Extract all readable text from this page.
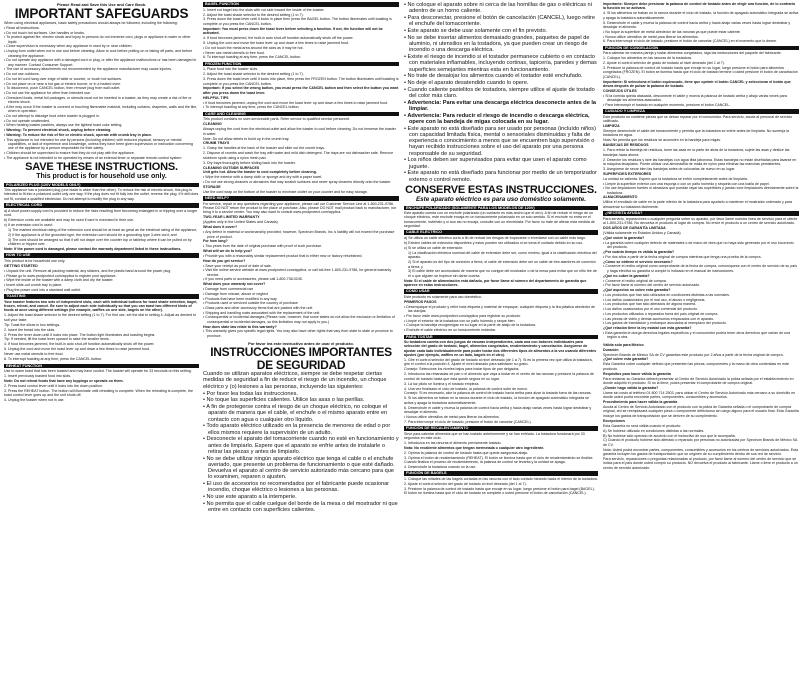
Please Read and Save this Use and Care Book.
IMPORTANT SAFEGUARDS
When using electrical appliances, basic safety precautions should always be followed, including the following:
• Read all instructions.
• Do not touch hot surfaces. Use handles or knobs.
• To protect against fire, electric shock and injury to persons do not immerse cord, plugs or appliance in water or other liquid.
• Close supervision is necessary when any appliance is used by or near children.
• Unplug from outlet when not in use and before cleaning. Allow to cool before putting on or taking off parts, and before cleaning the appliance.
• Do not operate any appliance with a damaged cord or plug, or after the appliance malfunctions or has been damaged in any manner. Contact Consumer Support.
• The use of accessory attachments not recommended by the appliance manufacturer may cause injuries.
• Do not use outdoors.
• Do not let cord hang over edge of table or counter, or touch hot surfaces.
• Do not place on or near a hot gas or electric burner, or in a heated oven.
• To disconnect, push CANCEL button, then remove plug from wall outlet.
• Do not use the appliance for other than intended use.
• Oversized foods, metal foil packages, or utensils must not be inserted in a toaster, as they may create a risk of fire or electric shock.
• A fire may occur if the toaster is covered or touching flammable material, including curtains, draperies, walls and the like, when in operation.
• Do not attempt to dislodge food when toaster is plugged in.
• Do not operate unattended.
• When heating toaster pastries, always use the lightest toast color setting.
• Warning: To prevent electrical shock, unplug before cleaning.
• Warning: To reduce the risk of fire or electric shock, operate with crumb tray in place.
• This appliance is not intended for use by persons (including children) with reduced physical, sensory or mental capabilities, or lack of experience and knowledge, unless they have been given supervision or instruction concerning use of the appliance by a person responsible for their safety.
• Children should be supervised to ensure that they do not play with the appliance.
• The appliance is not intended to be operated by means of an external timer or separate remote-control system.
SAVE THESE INSTRUCTIONS.
This product is for household use only.
POLARIZED PLUG (120V MODELS ONLY)
This appliance has a polarized plug (one blade is wider than the other). To reduce the risk of electric shock, this plug is intended to fit into a polarized outlet only one way. If the plug does not fit fully into the outlet, reverse the plug. If it still does not fit, contact a qualified electrician. Do not attempt to modify the plug in any way.
ELECTRICAL CORD
a) A short power-supply cord is provided to reduce the risks resulting from becoming entangled in or tripping over a longer cord.
b) Extension cords are available and may be used if care is exercised in their use.
c) If an extension cord is used:
1) The marked electrical rating of the extension cord should be at least as great as the electrical rating of the appliance,
2) If the appliance is of the grounded type, the extension cord should be a grounding type 3-wire cord; and
3) The cord should be arranged so that it will not drape over the counter top or tabletop where it can be pulled on by children or tripped over.
Note: If the power cord is damaged, please contact the warranty department listed in these instructions.
HOW TO USE
This product is for household use only.
GETTING STARTED
• Unpack the unit. Remove all packing material, any stickers, and the plastic band around the power plug.
• Please go to www.prodprotect.com/applica to register your appliance.
• Wipe the inside of the toaster with a damp cloth and dry the toaster.
• Insert slide-out crumb tray in place.
• Plug the power cord into a standard wall outlet.
TOASTING
Your toaster features two sets of independent slots, each with individual buttons for toast shade selection, bagel, frozen, reheat, and cancel. Be sure to adjust each side individually so that you can toast two different kinds of foods at once using different settings (for example, waffles on one side, bagels on the other).
1. Adjust the toast shade selector to the desired setting (1 to 7). For first use, set the dial to setting 4. Adjust as desired to suit your taste.
Tip: Toast the slices in two settings.
2. Insert the bread into the slots.
3. Press the lever down until it locks into place. The button light illuminates and toasting begins.
Tip: If needed, lift the toast lever upward to raise the smaller items.
4. If food becomes jammed, the built-in auto shut-off function automatically shuts off the power.
5. Unplug the cord and move the toast lever up and down a few times to raise jammed food.
Never use metal utensils to free food.
6. To interrupt toasting at any time, press the CANCEL button.
REHEAT FUNCTION
Use to warm toast that has been toasted and may have cooled. The toaster will operate for 33 seconds on this setting.
1. Insert previously toasted food into slots.
Note: Do not reheat foods that have any toppings or spreads on them.
2. Press toast control lever until it locks into the down position.
3. Press the REHEAT button. The button will illuminate until reheating is complete. When the reheating is complete, the toast control lever goes up and the unit shuts off.
4. Unplug the toaster when not in use.
BAGEL FUNCTION
1. Insert cut bagel into the slots with cut side toward the inside of the toaster.
2. Adjust the toast shade selector to the desired setting (1 to 7).
3. Press down the toast lever until it locks in place then press the BAGEL button. The button illuminates until toasting is complete or you press the CANCEL button.
Important: You must press down the toast lever before selecting a function. If not, the function will not be activated.
4. If food becomes jammed, the built-in auto shut-off function automatically shuts off the power.
5. Unplug the cord and move the toast lever up and down a few times to raise jammed food.
• Do not touch the metal area around the slots as it may be hot.
• Never use metal utensils to free food.
6. To interrupt toasting at any time, press the CANCEL button.
FROZEN FUNCTION
1. Place food into the toaster slots.
2. Adjust the toast shade selector to the desired setting (1 to 7).
3. Press down the toast lever until it locks into place, then press the FROZEN button. The button illuminates until toasting is complete or you press the CANCEL button.
Important: If you select the wrong button, you must press the CANCEL button and then select the button you want after you press down the toast lever.
HELPFUL TIPS
• If food becomes jammed, unplug the cord and move the toast lever up and down a few times to raise jammed food.
• To interrupt toasting at any time, press the CANCEL button.
CARE AND CLEANING
This product contains no user-serviceable parts. Refer service to qualified service personnel.
CLEANING
Always unplug the cord from the electrical outlet and allow the toaster to cool before cleaning. Do not immerse the toaster in water.
Note: Do not allow debris to build up in the crumb tray.
CRUMB TRAYS
1. Grasp the handles at the back of the toaster and slide out the crumb trays.
2. Dispose of crumbs and wash the tray with water and mild dish detergent. The trays are not dishwasher safe. Remove stubborn spots using a nylon mesh pad.
3. Dry trays thoroughly before sliding back into the toaster.
CLEANING OUTSIDE SURFACES
Unit gets hot. Allow the toaster to cool completely before cleaning.
• Wipe the exterior with a damp cloth or sponge and dry with a paper towel.
• Do not use strong cleaners or abrasives that may scratch surfaces and never spray cleaners directly onto the toaster.
STORAGE
Use the cord wrap on the bottom of the toaster to minimize clutter on your counter and for easy storage.
NEED HELP?
For service, repair or any questions regarding your appliance, please call our Customer Service Line at 1-800-231-9786. Please DO NOT return the product to the place of purchase. Also, please DO NOT mail product back to manufacturer, nor bring it to a service center. You may also want to consult www.prodprotect.com/applica.
TWO-YEAR LIMITED WARRANTY
(Applies only in the United States and Canada)
What does it cover?
• Any defect in material or workmanship provided; however, Spectrum Brands, Inc.'s liability will not exceed the purchase price of product.
For how long?
• Two years from the date of original purchase with proof of such purchase.
What will we do to help you?
• Provide you with a reasonably similar replacement product that is either new or factory refurbished.
How do you get service?
• Save your receipt as proof of date of sale.
• Visit the online service website at www.prodprotect.com/applica, or call toll-free 1-800-231-9786, for general warranty service.
• If you need parts or accessories, please call 1-800-738-0245.
What does your warranty not cover?
• Damage from commercial use
• Damage from misuse, abuse or neglect
• Products that have been modified in any way
• Products used or serviced outside the country of purchase
• Glass parts and other accessory items that are packed with the unit
• Shipping and handling costs associated with the replacement of the unit
• Consequential or incidental damages (Please note, however, that some states do not allow the exclusion or limitation of consequential or incidental damages, so this limitation may not apply to you.)
How does state law relate to this warranty?
• This warranty gives you specific legal rights. You may also have other rights that vary from state to state or province to province.
Por favor lea este instructivo antes de usar el producto.
INSTRUCCIONES IMPORTANTES DE SEGURIDAD
Cuando se utilizan aparatos eléctricos, siempre se debe respetar ciertas medidas de seguridad a fin de reducir el riesgo de un incendio, un choque eléctrico y (o) lesiones a las personas, incluyendo las siguientes:
• Por favor lea todas las instrucciones.
• No toque las superficies calientes. Utilice las asas o las perillas.
• A fin de protegerse contra el riesgo de un choque eléctrico, no coloque el aparato de manera que el cable, el enchufe o el mismo aparato entre en contacto con agua o cualquier otro líquido.
• Todo aparato eléctrico utilizado en la presencia de menores de edad o por ellos mismos requiere la supervisión de un adulto.
• Desconecte el aparato del tomacorriente cuando no esté en funcionamiento y antes de limpiarlo. Espere que el aparato se enfríe antes de instalarle o retirar las piezas y antes de limpiarlo.
• No se debe utilizar ningún aparato eléctrico que tenga el cable o el enchufe averiado, que presente un problema de funcionamiento o que esté dañado. Devuelva el aparato al centro de servicio autorizado más cercano para que lo examinen, reparen o ajusten.
• El uso de accesorios no recomendados por el fabricante puede ocasionar incendio, choque eléctrico o lesiones a las personas.
• No use este aparato a la intemperie.
• No permita que el cable cuelgue del borde de la mesa o del mostrador ni que entre en contacto con superficies calientes.
• No coloque el aparato sobre ni cerca de las hornillas de gas o eléctricas ni adentro de un horno caliente.
• Para desconectar, presione el botón de cancelación (CANCEL), luego retire el enchufe del tomacorriente.
• Este aparato se debe usar solamente con el fin previsto.
• No se debe insertar alimentos demasiado grandes, paquetes de papel de aluminio, ni utensilios en la tostadora, ya que pueden crear un riesgo de incendio o una descarga eléctrica.
• Existe el riesgo de incendio si el tostador permanece cubierto o en contacto con materiales inflamables, incluyendo cortinas, tapicería, paredes y demas superficies semejantes mientras esta en funcionamiento.
• No trate de desalojar los alimentos cuando el tostador esté enchufado.
• No deje el aparato desatendido cuando lo opere.
• Cuando caliente pastelitos de tostadora, siempre utilice el ajuste de tostado del color más claro.
• Advertencia: Para evitar una descarga eléctrica desconecte antes de la limpiar.
• Advertencia: Para reducir el riesgo de incendio o descarga eléctrica, opere con la bandeja de migas colocada en su lugar.
• Este aparato no está diseñado para ser usado por personas (incluído niños) con capacidad limitada física, mental o sensoriales disminuidas y falta de experiencia o conocimiento a menos que se encuentren bajo supervisión o hayan recibido instrucciones sobre el uso del aparato por una persona responsable de su seguridad.
• Los niños deben ser supervisados para evitar que usen el aparato como juguete.
• Este aparato no está diseñado para funcionar por medio de un temporizador externo o control remoto.
CONSERVE ESTAS INSTRUCCIONES.
Este aparato eléctrico es para uso doméstico solamente.
ENCHUFE POLARIZADO (SOLAMENTE PARA LOS MODELOS DE 120V)
Este aparato cuenta con un enchufe polarizado (un contacto es más ancho que el otro). A fin de reducir el riesgo de un choque eléctrico, este enchufe encaja en un tomacorriente polarizado en un solo sentido. Si el enchufe no entra en el tomacorriente, inviértalo y si aun así no encaja, consulte con un electricista. Por favor no trate de alterar esta medida de seguridad.
CABLE ELÉCTRICO
a) Se utiliza un cable eléctrico corto a fin de reducir los riesgos de tropezarse o enredarse con un cable más largo.
b) Existen cables de extensión disponibles y estos pueden ser utilizados si se toma el cuidado debido en su uso.
c) Si se utiliza un cable de extensión:
1) La clasificación eléctrica nominal del cable de extensión debe ser, como mínimo, igual a la clasificación eléctrica del aparato.
2) Si el aparato es del tipo de conexión a tierra, el cable de extensión debe ser un cable de tres alambres de conexión a tierra; y
3) El cable debe ser acomodado de manera que no cuelgue del mostrador o de la mesa para evitar que un niño tire de él o que alguien se tropiece sin darse cuenta.
Nota: Si el cable de alimentación está dañado, por favor llame al número del departamento de garantía que aparece en estas instrucciones.
COMO USAR
Este producto es solamente para uso doméstico.
PRIMEROS PASOS
• Desempaque el producto y retire toda etiqueta y material de empaque, cualquier etiqueta y la tira plástica alrededor de las clavijas.
• Por favor visite www.prodprotect.com/applica para registrar su producto.
• Limpie el exterior de la tostadora con un paño húmedo y seque bien.
• Coloque la bandeja recogemigas en su lugar en la parte de abajo de la tostadora.
• Enchufe el cable eléctrico en un tomacorriente estándar.
PARA TOSTAR
Su tostadora cuenta con dos juegos de ranuras independientes, cada una con botones individuales para selección del grado de tostado, bagel, alimentos congelados, recalentamiento y cancelación. Asegúrese de ajustar cada lado individualmente para poder tostar dos diferentes tipos de alimentos a la vez usando diferentes ajustes (por ejemplo, waffles en un lado, bagels en el otro).
1. Gire el control selector del grado de tostado al nivel deseado (de 1 a 7). Si es la primera vez que utiliza la tostadora, gire el control a la posición 4. Ajuste el nivel deseado para satisfacer su gusto.
Consejo: Seleccione los niveles bajos para tostar tipos de pan delgados.
2. Introduzca las rebanadas de pan o el alimento que vaya a tostar en el centro de las ranuras y presione la palanca de control de tostado hasta que ésta quede segura en su lugar.
3. La luz piloto se ilumina y el tostado empieza.
4. Una vez finalizado el ciclo de tostado, la palanca de control sube de nuevo.
Consejo: Si es necesario, alce la palanca de control de tostado hacia arriba para alzar la tostada fuera de las ranuras.
5. Si los alimentos se traban en la ranura durante el ciclo de tostado, la función de apagado automático integrada se activa y apaga la tostadora automáticamente.
6. Desenchufe el cable y mueva la palanca de control hacia arriba y hacia abajo varias veces hasta lograr destrabar y desalojar el alimento.
• Nunca utilice utensilios de metal para liberar los alimentos.
7. Para interrumpir el ciclo de tostado, presione el botón de cancelar (CANCEL).
FUNCIÓN DE RECALENTAMIENTO
Sirve para calentar alimentos que se han tostado anteriormente y se han enfriado. La tostadora funcionará por 33 segundos en este ciclo.
1. Introduzca en las ranuras el alimento previamente tostado.
Nota: No recaliente alimentos que tengan mermelada o cualquier otro ingrediente.
2. Oprima la palanca de control de tostado hasta que quede asegurada abajo.
3. Oprima el botón de recalentamiento (REHEAT). El botón se ilumina hasta que el ciclo de recalentamiento se finalice. Cuando finaliza el proceso de recalentamiento, la palanca de control se levanta y la unidad se apaga.
4. Desenchufe la tostadora cuando no la use.
FUNCIÓN DE BAGELS
1. Coloque las mitades de las bagels cortadas en las ranuras con el lado cortado mirando hacia el interior de la tostadora.
2. Ajuste el control selector del grado de tostado al nivel deseado (del 1 al 7).
3. Presione la palanca de control de tostado hasta que encaje en su lugar, luego presione el botón para bagel (BAGEL). El botón se ilumina hasta que el ciclo de tostado se complete o usted presione el botón de cancelación (CANCEL).
Importante: Siempre debe presionar la palanca de control de tostado antes de elegir una función, de lo contrario la función no se activará.
4. Si los alimentos se traban en la ranura durante el ciclo de tostado, la función de apagado automático integrada se activa y apaga la tostadora automáticamente.
5. Desenchufe el cable y mueva la palanca de control hacia arriba y hacia abajo varias veces hasta lograr destrabar y desalojar el alimento.
• No toque la superficie de metal alrededor de las ranuras ya que puede estar caliente.
• Nunca utilice utensilios de metal para liberar los alimentos.
6. Para interrumpir el ciclo de tostado, presione el botón de cancelar (CANCEL) en el momento que lo desee.
FUNCIÓN DE CONGELACIÓN
Para calentar de manera pareja y tostar alimentos congelados, siga las instrucciones del paquete del fabricante.
1. Coloque los alimentos en las ranuras de la tostadora.
2. Ajuste el control selector de grado de tostado al nivel deseado (del 1 al 7).
3. Presione la palanca de control de tostado hasta que encaje en su lugar, luego presione el botón para alimentos congelados (FROZEN). El botón se ilumina hasta que el ciclo de tostado termine o usted presione el botón de cancelación (CANCEL).
Importante: Si selecciona el botón equivocado, tiene que oprimir el botón CANCEL y seleccionar el botón que desea después de pulsar la palanca de tostado.
CONSEJOS ÚTILES
• Si la comida queda atascada, desconecte el cable y mueva la palanca de tostado arriba y abajo varias veces para desalojar los alimentos atascados.
• Para interrumpir el tostado en cualquier momento, presione el botón CANCEL.
CUIDADO Y LIMPIEZA
Este producto no contiene piezas que se deban reparar por el consumidor. Para servicio, acuda al personal de servicio calificado.
LIMPIEZA
Siempre desenchufe el cable del tomacorriente y permita que la tostadora se enfríe antes de limpiarla. No sumerja la tostadora en agua.
Nota: No permita que los residuos se acumulen en la bandeja para migas.
BANDEJAS DE RESIDUOS
1. Para retirar la bandeja de residuos, tome las asas en la parte de atrás de la tostadora, sujete las asas y deslice las bandejas hacia afuera.
2. Deseche los residuos y lave las bandejas con agua tibia jabonosa. Estas bandejas no están diseñadas para lavarse en la máquina lavaplatos. Puede utilizar una almohadilla de malla de nylon para eliminar las manchas persistentes.
3. Asegúrese de secar bien las bandejas antes de colocarlas de nuevo en su lugar.
SUPERFICIES EXTERIORES
La unidad se calienta. Espere que la tostadora se enfríe completamente antes de limpiarla.
• Limpie la superficie exterior con una esponja o con un paño húmedo y séquela con una toalla de papel.
• No use limpiadores fuertes ni abrasivos que puedan rayar las superficies y jamás rocíe limpiadores directamente sobre la tostadora.
ALMACENAMIENTO
Utilice el enrollado de cable en la parte inferior de la tostadora para ayudarlo a mantener el mostrador ordenado y para almacenar su tostadora fácilmente.
¿NECESITA AYUDA?
Para servicio, reparaciones o cualquier pregunta sobre su aparato, por favor llame nuestra línea de servicio para el cliente al 1-800-231-9786. No devuelva el producto al lugar de compra. No envíe el producto a un centro de servicio autorizado.
DOS AÑOS DE GARANTÍA LIMITADA
(Válida solamente en Estados Unidos y Canadá)
¿Qué cubre la garantía?
• La garantía cubre cualquier defecto de materiales o de mano de obra que no haya sido generado por el uso incorrecto del producto.
¿Por cuánto tiempo es válida la garantía?
• Por dos años a partir de la fecha original de compra mientras que tenga una prueba de la compra.
¿Cómo se obtiene el servicio necesario?
• Conserve el recibo original como comprobante de la fecha de compra, comuníquese con el centro de servicio de su país y haga efectiva su garantía si cumple lo indicado en el manual de instrucciones.
¿Qué no cubre la garantía?
• Conserve el recibo original de compra.
• Por favor llame al número del centro de servicio autorizado.
¿Qué aspectos no cubre esta garantía?
• Los productos que han sido utilizados en condiciones distintas a las normales.
• Los daños ocasionados por el mal uso, el abuso o negligencia.
• Los productos que han sido alterados de alguna manera.
• Los daños ocasionados por el uso comercial del producto.
• Los productos utilizados o reparados fuera del país original de compra.
• Las piezas de vidrio y demás accesorios empacados con el aparato.
• Los gastos de tramitación y embarque asociados al reemplazo del producto.
¿Qué relación tiene la ley estatal con esta garantía?
• Esta garantía le otorga derechos legales específicos y el consumidor podría tener otros derechos que varían de una región a otra.
Válida sólo para México
Duración
Spectrum Brands de México SA de CV garantiza este producto por 2 años a partir de la fecha original de compra.
¿Qué cubre esta garantía?
Esta Garantía cubre cualquier defecto que presenten las piezas, componentes y la mano de obra contenidas en este producto.
Requisitos para hacer válida la garantía
Para reclamar su Garantía deberá presentar al Centro de Servicio Autorizado la póliza sellada por el establecimiento en donde adquirió el producto. Si no la tiene, podrá presentar el comprobante de compra original.
¿Donde hago válida la garantía?
Llame sin costo al teléfono 01 800 714 2503, para ubicar el Centro de Servicio Autorizado más cercano a su domicilio en donde usted podrá encontrar partes, componentes, consumibles y accesorios.
Procedimiento para hacer válida la garantía
Acuda al Centro de Servicio Autorizado con el producto con la póliza de Garantía sellada o el comprobante de compra original, ahí se reemplazará cualquier pieza o componente defectuoso sin cargo alguno para el usuario final. Esta Garantía incluye los gastos de transportación que se deriven de su cumplimiento.
Excepciones
Esta Garantía no será válida cuando el producto:
A) Se hubiese utilizado en condiciones distintas a las normales.
B) No hubiese sido operado de acuerdo con el instructivo de uso que le acompaña.
C) Cuando el producto hubiese sido alterado o reparado por personas no autorizadas por Spectrum Brands de México SA de CV.
Nota: Usted podrá encontrar partes, componentes, consumibles y accesorios en los centros de servicios autorizados. Esta garantía incluyen los gastos de transportación que se originen de su cumplimiento dentro de sus red de servicio.
Para servicio, reparaciones o preguntas relacionadas al producto, por favor llame al número del centro de servicio que se indica para el país donde usted compró su producto. NO devuelva el producto al fabricante. Llame o lleve el producto a un centro de servicio autorizado.
